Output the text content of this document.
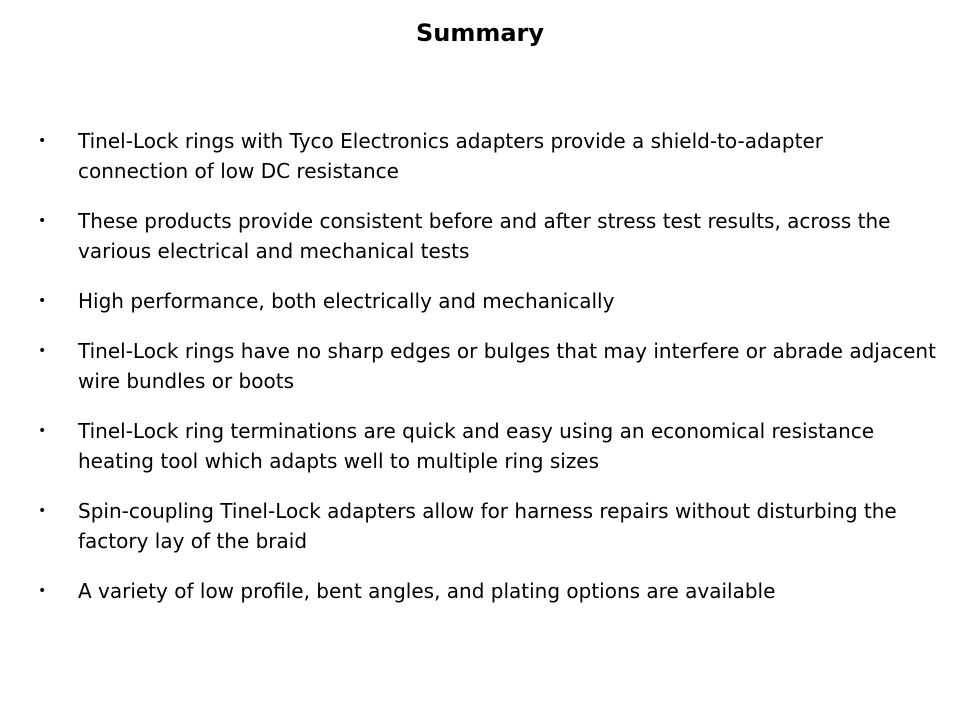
Summary
• Tinel-Lock rings with Tyco Electronics adapters provide a shield-to-adapter connection of low DC resistance
• These products provide consistent before and after stress test results, across the various electrical and mechanical tests
• High performance, both electrically and mechanically
• Tinel-Lock rings have no sharp edges or bulges that may interfere or abrade adjacent wire bundles or boots
• Tinel-Lock ring terminations are quick and easy using an economical resistance heating tool which adapts well to multiple ring sizes
• Spin-coupling Tinel-Lock adapters allow for harness repairs without disturbing the factory lay of the braid
• A variety of low profile, bent angles, and plating options are available
